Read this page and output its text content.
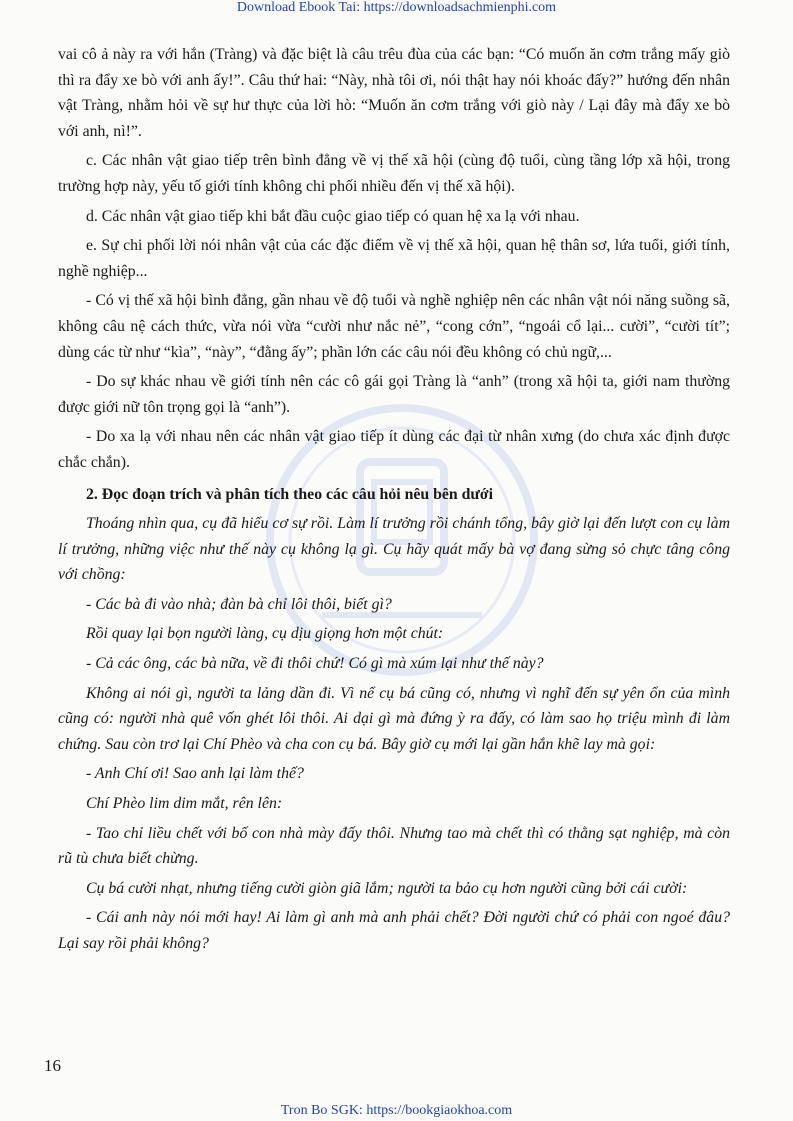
Download Ebook Tai: https://downloadsachmienphi.com

vai cô ả này ra với hắn (Tràng) và đặc biệt là câu trêu đùa của các bạn: “Có muốn ăn cơm trắng mấy giò thì ra đẩy xe bò với anh ấy!”. Câu thứ hai: “Này, nhà tôi ơi, nói thật hay nói khoác đấy?” hướng đến nhân vật Tràng, nhằm hỏi về sự hư thực của lời hò: “Muốn ăn cơm trắng với giò này / Lại đây mà đẩy xe bò với anh, nì!”.

c. Các nhân vật giao tiếp trên bình đẳng về vị thế xã hội (cùng độ tuổi, cùng tầng lớp xã hội, trong trường hợp này, yếu tố giới tính không chi phối nhiều đến vị thế xã hội).

d. Các nhân vật giao tiếp khi bắt đầu cuộc giao tiếp có quan hệ xa lạ với nhau.

e. Sự chi phối lời nói nhân vật của các đặc điểm về vị thế xã hội, quan hệ thân sơ, lứa tuổi, giới tính, nghề nghiệp...

- Có vị thế xã hội bình đẳng, gần nhau về độ tuổi và nghề nghiệp nên các nhân vật nói năng suồng sã, không câu nệ cách thức, vừa nói vừa “cười như nắc nẻ”, “cong cớn”, “ngoái cổ lại... cười”, “cười tít”; dùng các từ như “kìa”, “này”, “đằng ấy”; phần lớn các câu nói đều không có chủ ngữ,...

- Do sự khác nhau về giới tính nên các cô gái gọi Tràng là “anh” (trong xã hội ta, giới nam thường được giới nữ tôn trọng gọi là “anh”).

- Do xa lạ với nhau nên các nhân vật giao tiếp ít dùng các đại từ nhân xưng (do chưa xác định được chắc chắn).

2. Đọc đoạn trích và phân tích theo các câu hỏi nêu bên dưới

Thoáng nhìn qua, cụ đã hiểu cơ sự rồi. Làm lí trưởng rồi chánh tổng, bây giờ lại đến lượt con cụ làm lí trưởng, những việc như thế này cụ không lạ gì. Cụ hãy quát mấy bà vợ đang sừng sỏ chực tâng công với chồng:

- Các bà đi vào nhà; đàn bà chỉ lôi thôi, biết gì?

Rồi quay lại bọn người làng, cụ dịu giọng hơn một chút:

- Cả các ông, các bà nữa, về đi thôi chứ! Có gì mà xúm lại như thế này?

Không ai nói gì, người ta lảng dần đi. Vì nể cụ bá cũng có, nhưng vì nghĩ đến sự yên ổn của mình cũng có: người nhà quê vốn ghét lôi thôi. Ai dại gì mà đứng ỳ ra đấy, có làm sao họ triệu mình đi làm chứng. Sau còn trơ lại Chí Phèo và cha con cụ bá. Bây giờ cụ mới lại gần hắn khẽ lay mà gọi:

- Anh Chí ơi! Sao anh lại làm thế?

Chí Phèo lim dim mắt, rên lên:

- Tao chỉ liều chết với bố con nhà mày đấy thôi. Nhưng tao mà chết thì có thằng sạt nghiệp, mà còn rũ tù chưa biết chừng.

Cụ bá cười nhạt, nhưng tiếng cười giòn giã lắm; người ta bảo cụ hơn người cũng bởi cái cười:

- Cái anh này nói mới hay! Ai làm gì anh mà anh phải chết? Đời người chứ có phải con ngoé đâu? Lại say rồi phải không?

16
Tron Bo SGK: https://bookgiaokhoa.com
